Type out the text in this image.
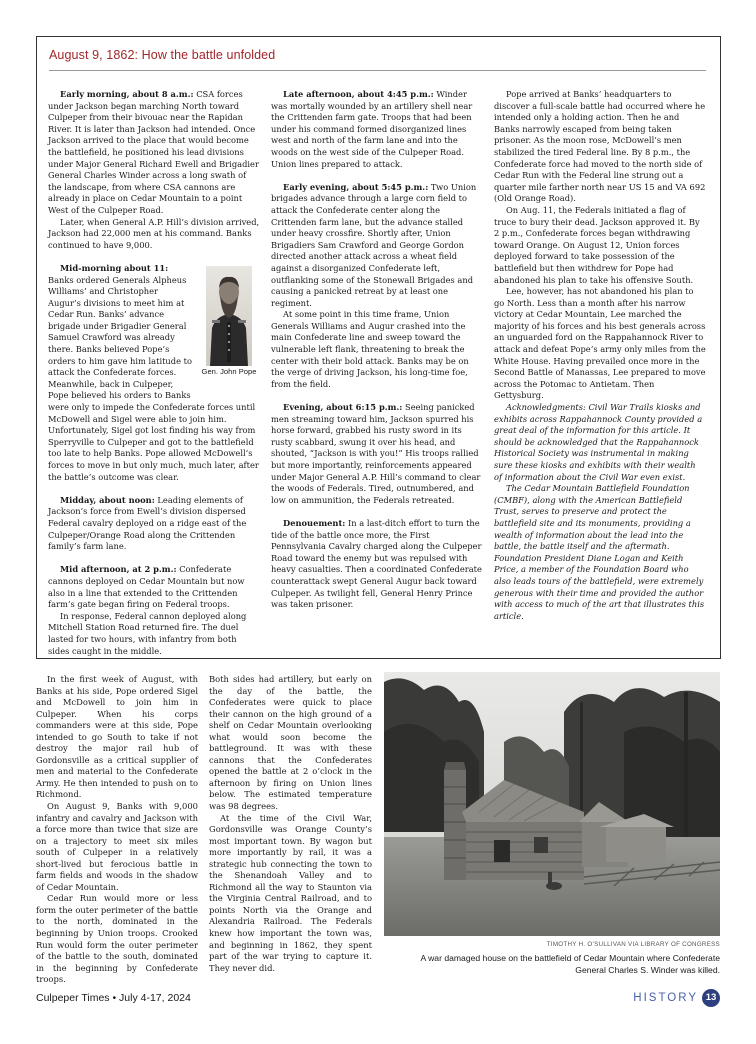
August 9, 1862: How the battle unfolded

Early morning, about 8 a.m.: CSA forces under Jackson began marching North toward Culpeper from their bivouac near the Rapidan River. It is later than Jackson had intended. Once Jackson arrived to the place that would become the battlefield, he positioned his lead divisions under Major General Richard Ewell and Brigadier General Charles Winder across a long swath of the landscape, from where CSA cannons are already in place on Cedar Mountain to a point West of the Culpeper Road.

Later, when General A.P. Hill’s division arrived, Jackson had 22,000 men at his command. Banks continued to have 9,000.

Gen. John Pope
Mid-morning about 11: Banks ordered Generals Alpheus Williams’ and Christopher Augur’s divisions to meet him at Cedar Run. Banks’ advance brigade under Brigadier General Samuel Crawford was already there. Banks believed Pope’s orders to him gave him latitude to attack the Confederate forces. Meanwhile, back in Culpeper, Pope believed his orders to Banks were only to impede the Confederate forces until McDowell and Sigel were able to join him. Unfortunately, Sigel got lost finding his way from Sperryville to Culpeper and got to the battlefield too late to help Banks. Pope allowed McDowell’s forces to move in but only much, much later, after the battle’s outcome was clear.

Midday, about noon: Leading elements of Jackson’s force from Ewell’s division dispersed Federal cavalry deployed on a ridge east of the Culpeper/Orange Road along the Crittenden family’s farm lane.

Mid afternoon, at 2 p.m.: Confederate cannons deployed on Cedar Mountain but now also in a line that extended to the Crittenden farm’s gate began firing on Federal troops.

In response, Federal cannon deployed along Mitchell Station Road returned fire. The duel lasted for two hours, with infantry from both sides caught in the middle.

Late afternoon, about 4:45 p.m.: Winder was mortally wounded by an artillery shell near the Crittenden farm gate. Troops that had been under his command formed disorganized lines west and north of the farm lane and into the woods on the west side of the Culpeper Road. Union lines prepared to attack.

Early evening, about 5:45 p.m.: Two Union brigades advance through a large corn field to attack the Confederate center along the Crittenden farm lane, but the advance stalled under heavy crossfire. Shortly after, Union Brigadiers Sam Crawford and George Gordon directed another attack across a wheat field against a disorganized Confederate left, outflanking some of the Stonewall Brigades and causing a panicked retreat by at least one regiment.

At some point in this time frame, Union Generals Williams and Augur crashed into the main Confederate line and sweep toward the vulnerable left flank, threatening to break the center with their bold attack. Banks may be on the verge of driving Jackson, his long-time foe, from the field.

Evening, about 6:15 p.m.: Seeing panicked men streaming toward him, Jackson spurred his horse forward, grabbed his rusty sword in its rusty scabbard, swung it over his head, and shouted, “Jackson is with you!” His troops rallied but more importantly, reinforcements appeared under Major General A.P. Hill’s command to clear the woods of Federals. Tired, outnumbered, and low on ammunition, the Federals retreated.

Denouement: In a last-ditch effort to turn the tide of the battle once more, the First Pennsylvania Cavalry charged along the Culpeper Road toward the enemy but was repulsed with heavy casualties. Then a coordinated Confederate counterattack swept General Augur back toward Culpeper. As twilight fell, General Henry Prince was taken prisoner.

Pope arrived at Banks’ headquarters to discover a full-scale battle had occurred where he intended only a holding action. Then he and Banks narrowly escaped from being taken prisoner. As the moon rose, McDowell’s men stabilized the tired Federal line. By 8 p.m., the Confederate force had moved to the north side of Cedar Run with the Federal line strung out a quarter mile farther north near US 15 and VA 692 (Old Orange Road).

On Aug. 11, the Federals initiated a flag of truce to bury their dead. Jackson approved it. By 2 p.m., Confederate forces began withdrawing toward Orange. On August 12, Union forces deployed forward to take possession of the battlefield but then withdrew for Pope had abandoned his plan to take his offensive South.

Lee, however, has not abandoned his plan to go North. Less than a month after his narrow victory at Cedar Mountain, Lee marched the majority of his forces and his best generals across an unguarded ford on the Rappahannock River to attack and defeat Pope’s army only miles from the White House. Having prevailed once more in the Second Battle of Manassas, Lee prepared to move across the Potomac to Antietam. Then Gettysburg.

Acknowledgments: Civil War Trails kiosks and exhibits across Rappahannock County provided a great deal of the information for this article. It should be acknowledged that the Rappahannock Historical Society was instrumental in making sure these kiosks and exhibits with their wealth of information about the Civil War even exist.

The Cedar Mountain Battlefield Foundation (CMBF), along with the American Battlefield Trust, serves to preserve and protect the battlefield site and its monuments, providing a wealth of information about the lead into the battle, the battle itself and the aftermath. Foundation President Diane Logan and Keith Price, a member of the Foundation Board who also leads tours of the battlefield, were extremely generous with their time and provided the author with access to much of the art that illustrates this article.

In the first week of August, with Banks at his side, Pope ordered Sigel and McDowell to join him in Culpeper. When his corps commanders were at this side, Pope intended to go South to take if not destroy the major rail hub of Gordonsville as a critical supplier of men and material to the Confederate Army. He then intended to push on to Richmond.

On August 9, Banks with 9,000 infantry and cavalry and Jackson with a force more than twice that size are on a trajectory to meet six miles south of Culpeper in a relatively short-lived but ferocious battle in farm fields and woods in the shadow of Cedar Mountain.

Cedar Run would more or less form the outer perimeter of the battle to the north, dominated in the beginning by Union troops. Crooked Run would form the outer perimeter of the battle to the south, dominated in the beginning by Confederate troops.

Both sides had artillery, but early on the day of the battle, the Confederates were quick to place their cannon on the high ground of a shelf on Cedar Mountain overlooking what would soon become the battleground. It was with these cannons that the Confederates opened the battle at 2 o’clock in the afternoon by firing on Union lines below. The estimated temperature was 98 degrees.

At the time of the Civil War, Gordonsville was Orange County’s most important town. By wagon but more importantly by rail, it was a strategic hub connecting the town to the Shenandoah Valley and to Richmond all the way to Staunton via the Virginia Central Railroad, and to points North via the Orange and Alexandria Railroad. The Federals knew how important the town was, and beginning in 1862, they spent part of the war trying to capture it. They never did.

TIMOTHY H. O’SULLIVAN VIA LIBRARY OF CONGRESS
A war damaged house on the battlefield of Cedar Mountain where Confederate General Charles S. Winder was killed.
Culpeper Times • July 4-17, 2024	HISTORY 13
